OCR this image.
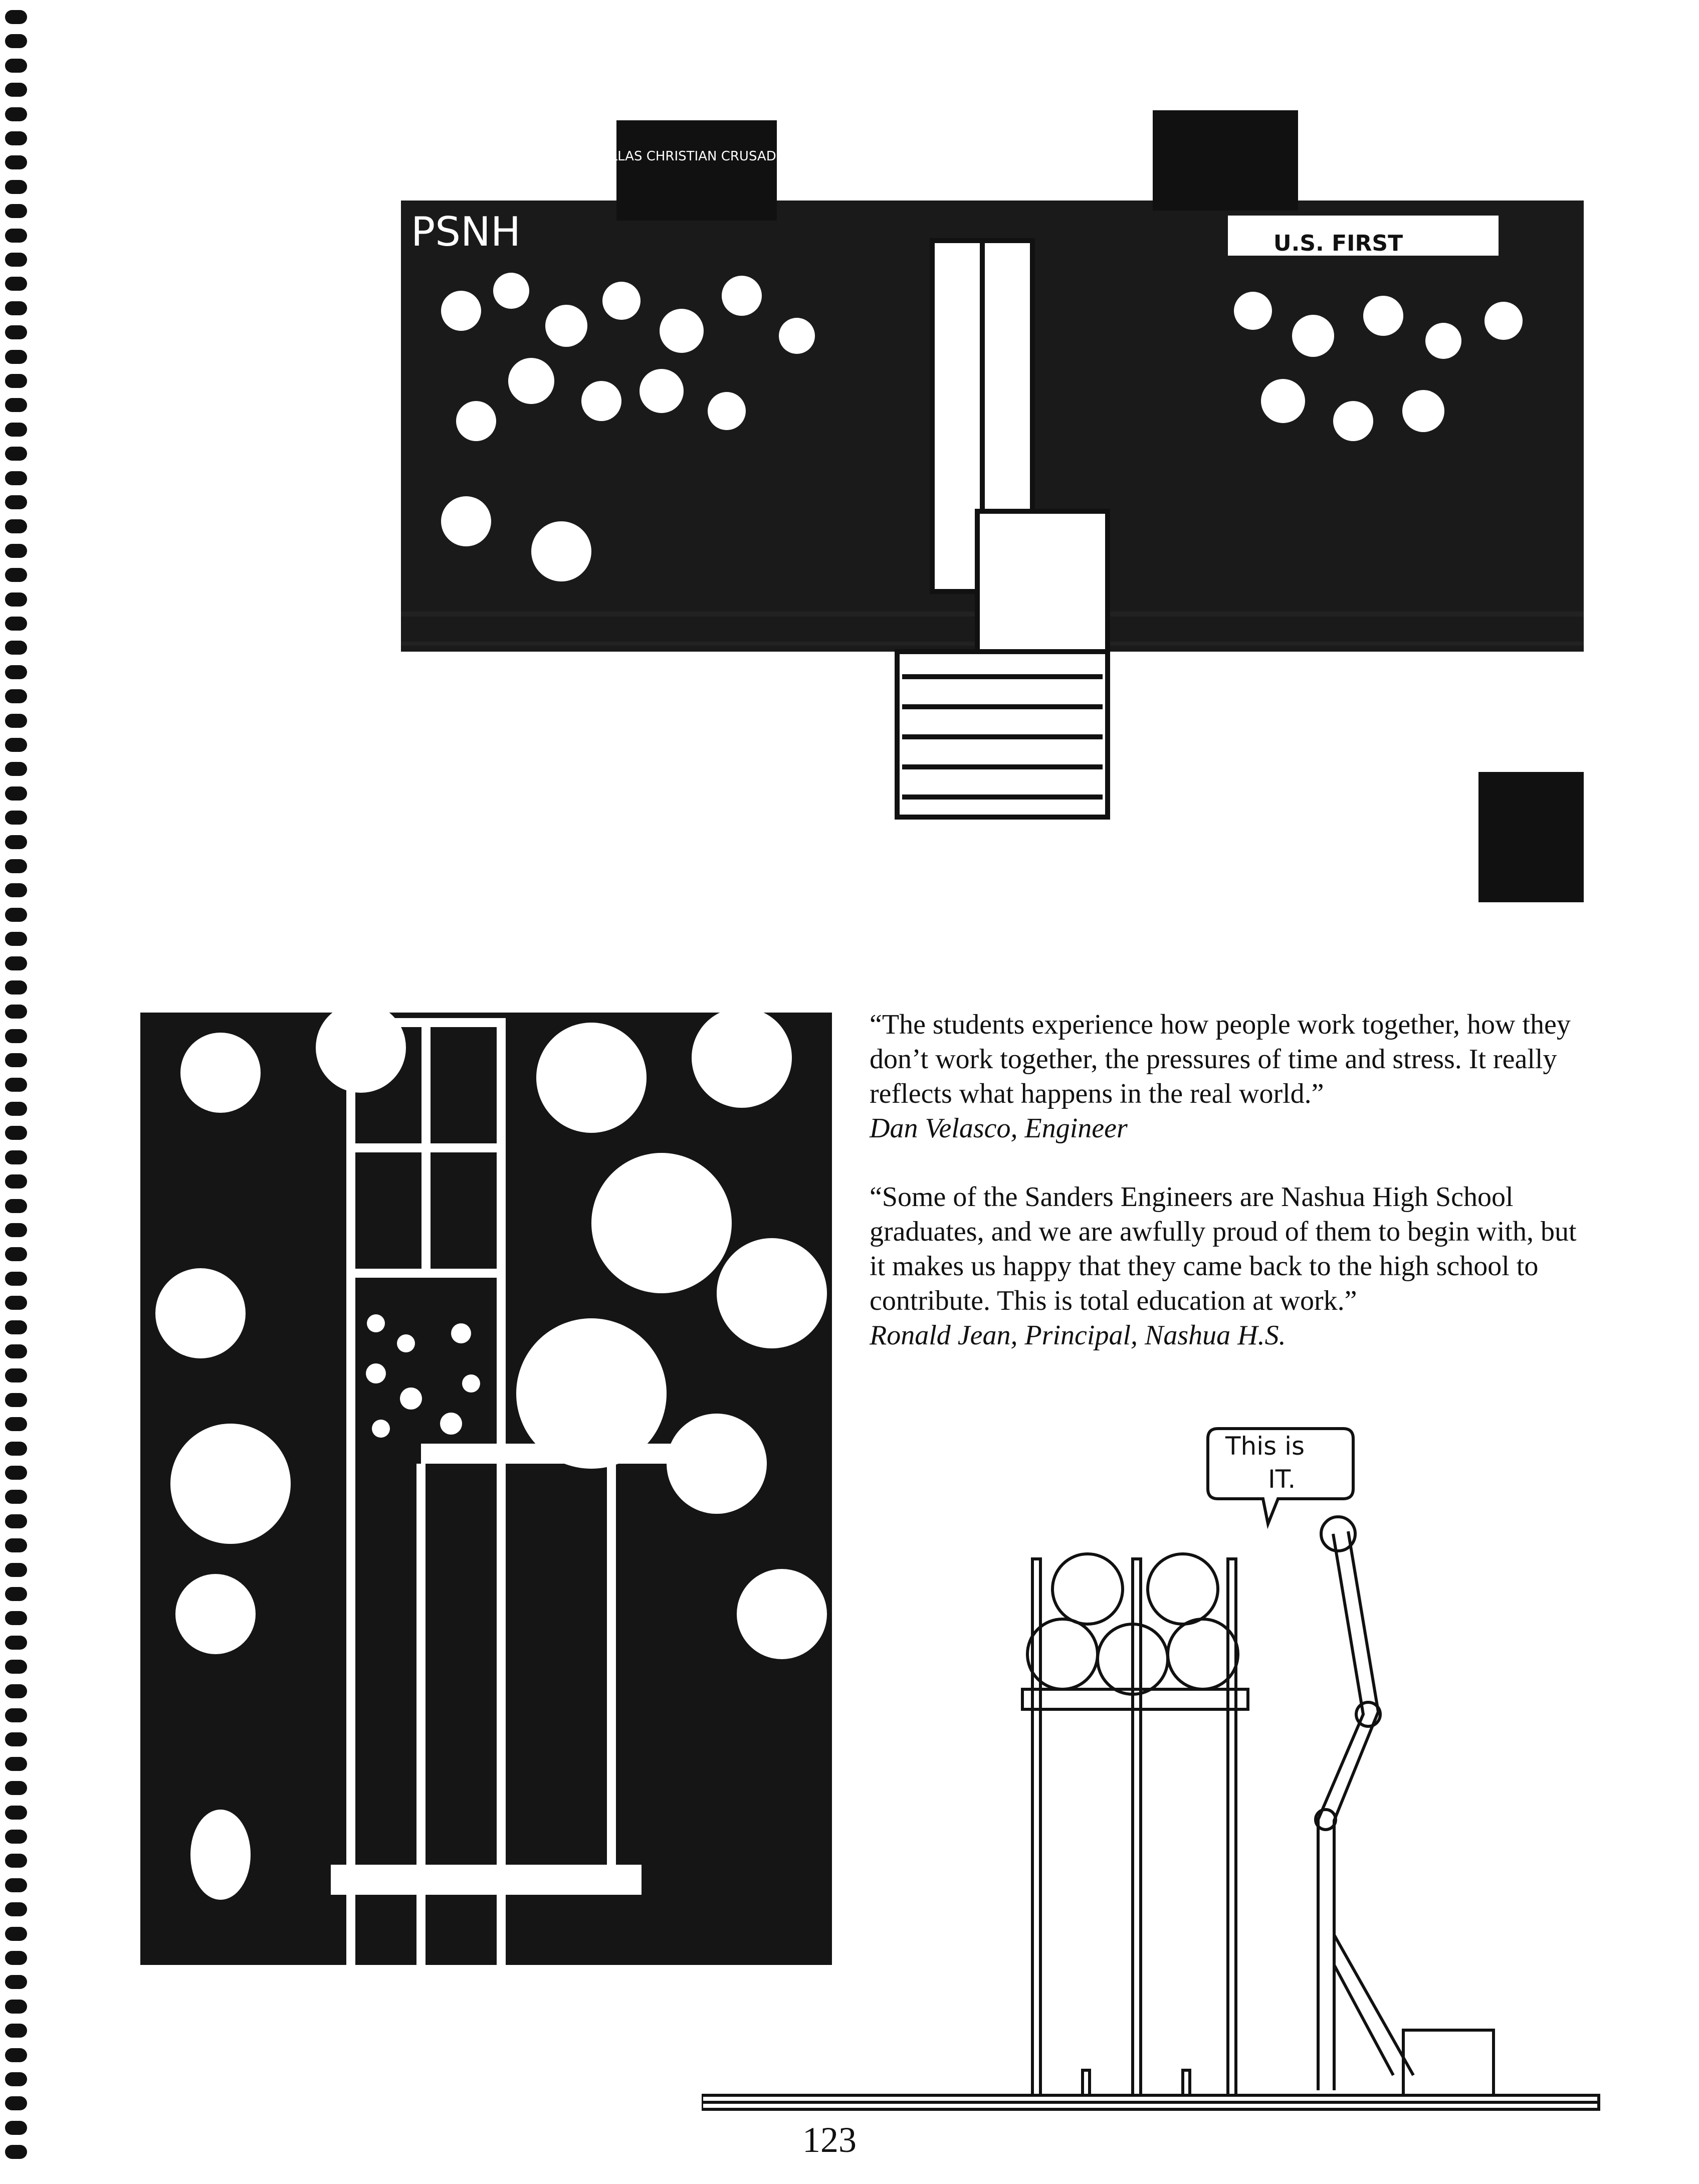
DALLAS CHRISTIAN CRUSADERS
PSNH	U.S. FIRST

“The students experience how people work together, how they don’t work together, the pressures of time and stress. It really reflects what happens in the real world.”

Dan Velasco, Engineer

“Some of the Sanders Engineers are Nashua High School graduates, and we are awfully proud of them to begin with, but it makes us happy that they came back to the high school to contribute. This is total education at work.”

Ronald Jean, Principal, Nashua H.S.

This is
IT.
123
